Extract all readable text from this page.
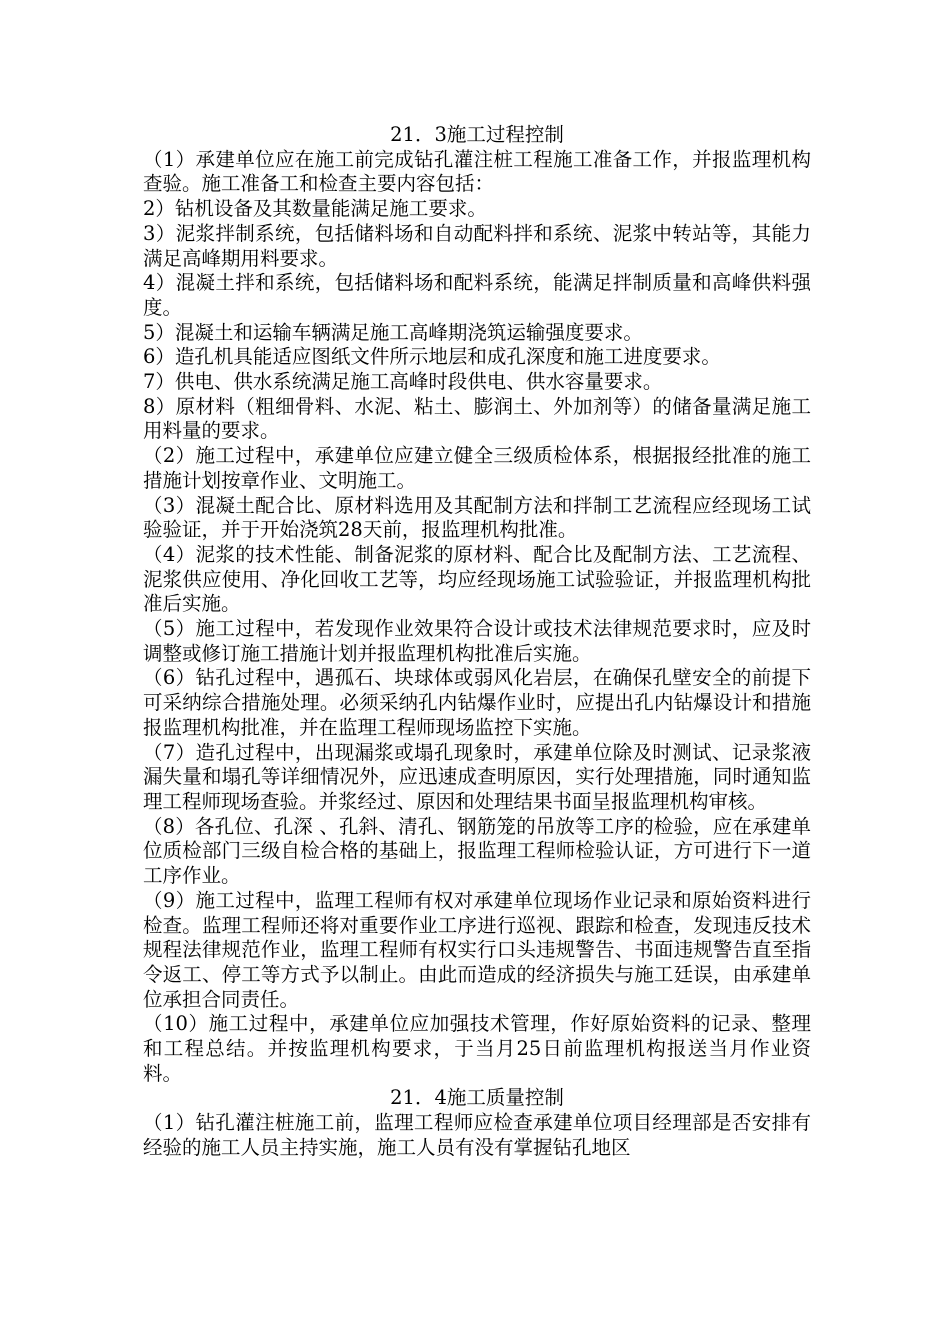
21．3施工过程控制

（1）承建单位应在施工前完成钻孔灌注桩工程施工准备工作，并报监理机构查验。施工准备工和检查主要内容包括：

2）钻机设备及其数量能满足施工要求。

3）泥浆拌制系统，包括储料场和自动配料拌和系统、泥浆中转站等，其能力满足高峰期用料要求。

4）混凝土拌和系统，包括储料场和配料系统，能满足拌制质量和高峰供料强度。

5）混凝土和运输车辆满足施工高峰期浇筑运输强度要求。

6）造孔机具能适应图纸文件所示地层和成孔深度和施工进度要求。

7）供电、供水系统满足施工高峰时段供电、供水容量要求。

8）原材料（粗细骨料、水泥、粘土、膨润土、外加剂等）的储备量满足施工用料量的要求。

（2）施工过程中，承建单位应建立健全三级质检体系，根据报经批准的施工措施计划按章作业、文明施工。

（3）混凝土配合比、原材料选用及其配制方法和拌制工艺流程应经现场工试验验证，并于开始浇筑28天前，报监理机构批准。

（4）泥浆的技术性能、制备泥浆的原材料、配合比及配制方法、工艺流程、泥浆供应使用、净化回收工艺等，均应经现场施工试验验证，并报监理机构批准后实施。

（5）施工过程中，若发现作业效果符合设计或技术法律规范要求时，应及时调整或修订施工措施计划并报监理机构批准后实施。

（6）钻孔过程中，遇孤石、块球体或弱风化岩层，在确保孔壁安全的前提下可采纳综合措施处理。必须采纳孔内钻爆作业时，应提出孔内钻爆设计和措施报监理机构批准，并在监理工程师现场监控下实施。

（7）造孔过程中，出现漏浆或塌孔现象时，承建单位除及时测试、记录浆液漏失量和塌孔等详细情况外，应迅速成查明原因，实行处理措施，同时通知监理工程师现场查验。并浆经过、原因和处理结果书面呈报监理机构审核。

（8）各孔位、孔深 、孔斜、清孔、钢筋笼的吊放等工序的检验，应在承建单位质检部门三级自检合格的基础上，报监理工程师检验认证，方可进行下一道工序作业。

（9）施工过程中，监理工程师有权对承建单位现场作业记录和原始资料进行检查。监理工程师还将对重要作业工序进行巡视、跟踪和检查，发现违反技术规程法律规范作业，监理工程师有权实行口头违规警告、书面违规警告直至指令返工、停工等方式予以制止。由此而造成的经济损失与施工廷误，由承建单位承担合同责任。

（10）施工过程中，承建单位应加强技术管理，作好原始资料的记录、整理和工程总结。并按监理机构要求，于当月25日前监理机构报送当月作业资料。

21．4施工质量控制

（1）钻孔灌注桩施工前，监理工程师应检查承建单位项目经理部是否安排有经验的施工人员主持实施，施工人员有没有掌握钻孔地区
